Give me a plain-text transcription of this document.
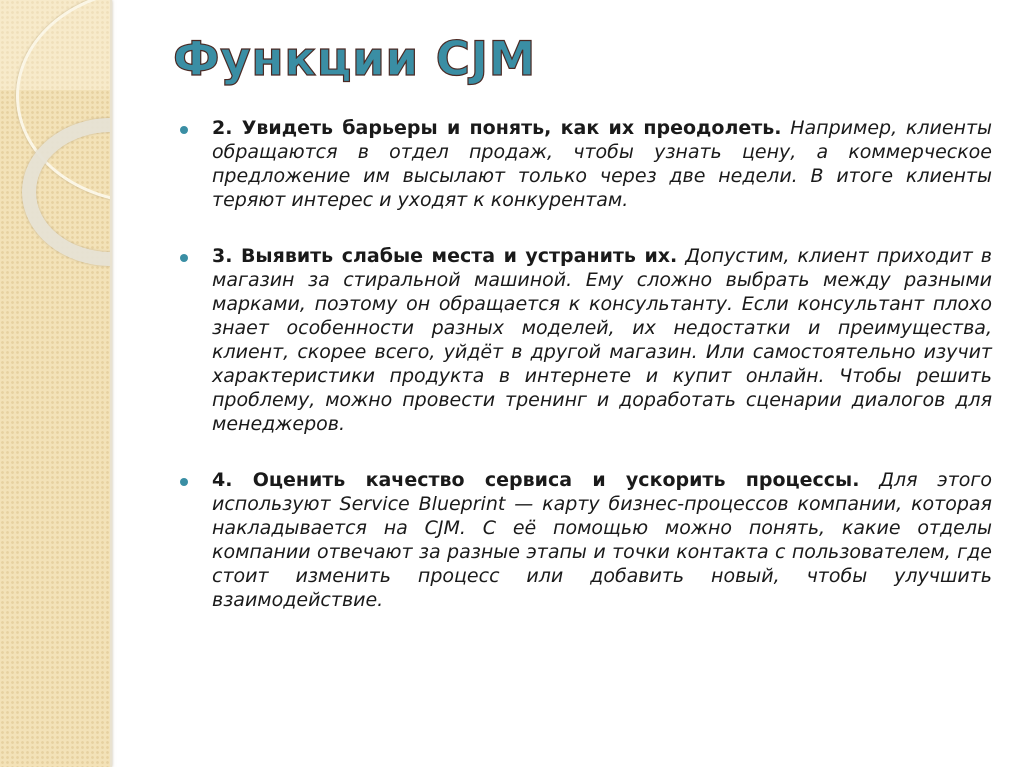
Функции CJM

2. Увидеть барьеры и понять, как их преодолеть. Например, клиенты обращаются в отдел продаж, чтобы узнать цену, а коммерческое предложение им высылают только через две недели. В итоге клиенты теряют интерес и уходят к конкурентам.

3. Выявить слабые места и устранить их. Допустим, клиент приходит в магазин за стиральной машиной. Ему сложно выбрать между разными марками, поэтому он обращается к консультанту. Если консультант плохо знает особенности разных моделей, их недостатки и преимущества, клиент, скорее всего, уйдёт в другой магазин. Или самостоятельно изучит характеристики продукта в интернете и купит онлайн. Чтобы решить проблему, можно провести тренинг и доработать сценарии диалогов для менеджеров.

4. Оценить качество сервиса и ускорить процессы. Для этого используют Service Blueprint — карту бизнес-процессов компании, которая накладывается на CJM. С её помощью можно понять, какие отделы компании отвечают за разные этапы и точки контакта с пользователем, где стоит изменить процесс или добавить новый, чтобы улучшить взаимодействие.
